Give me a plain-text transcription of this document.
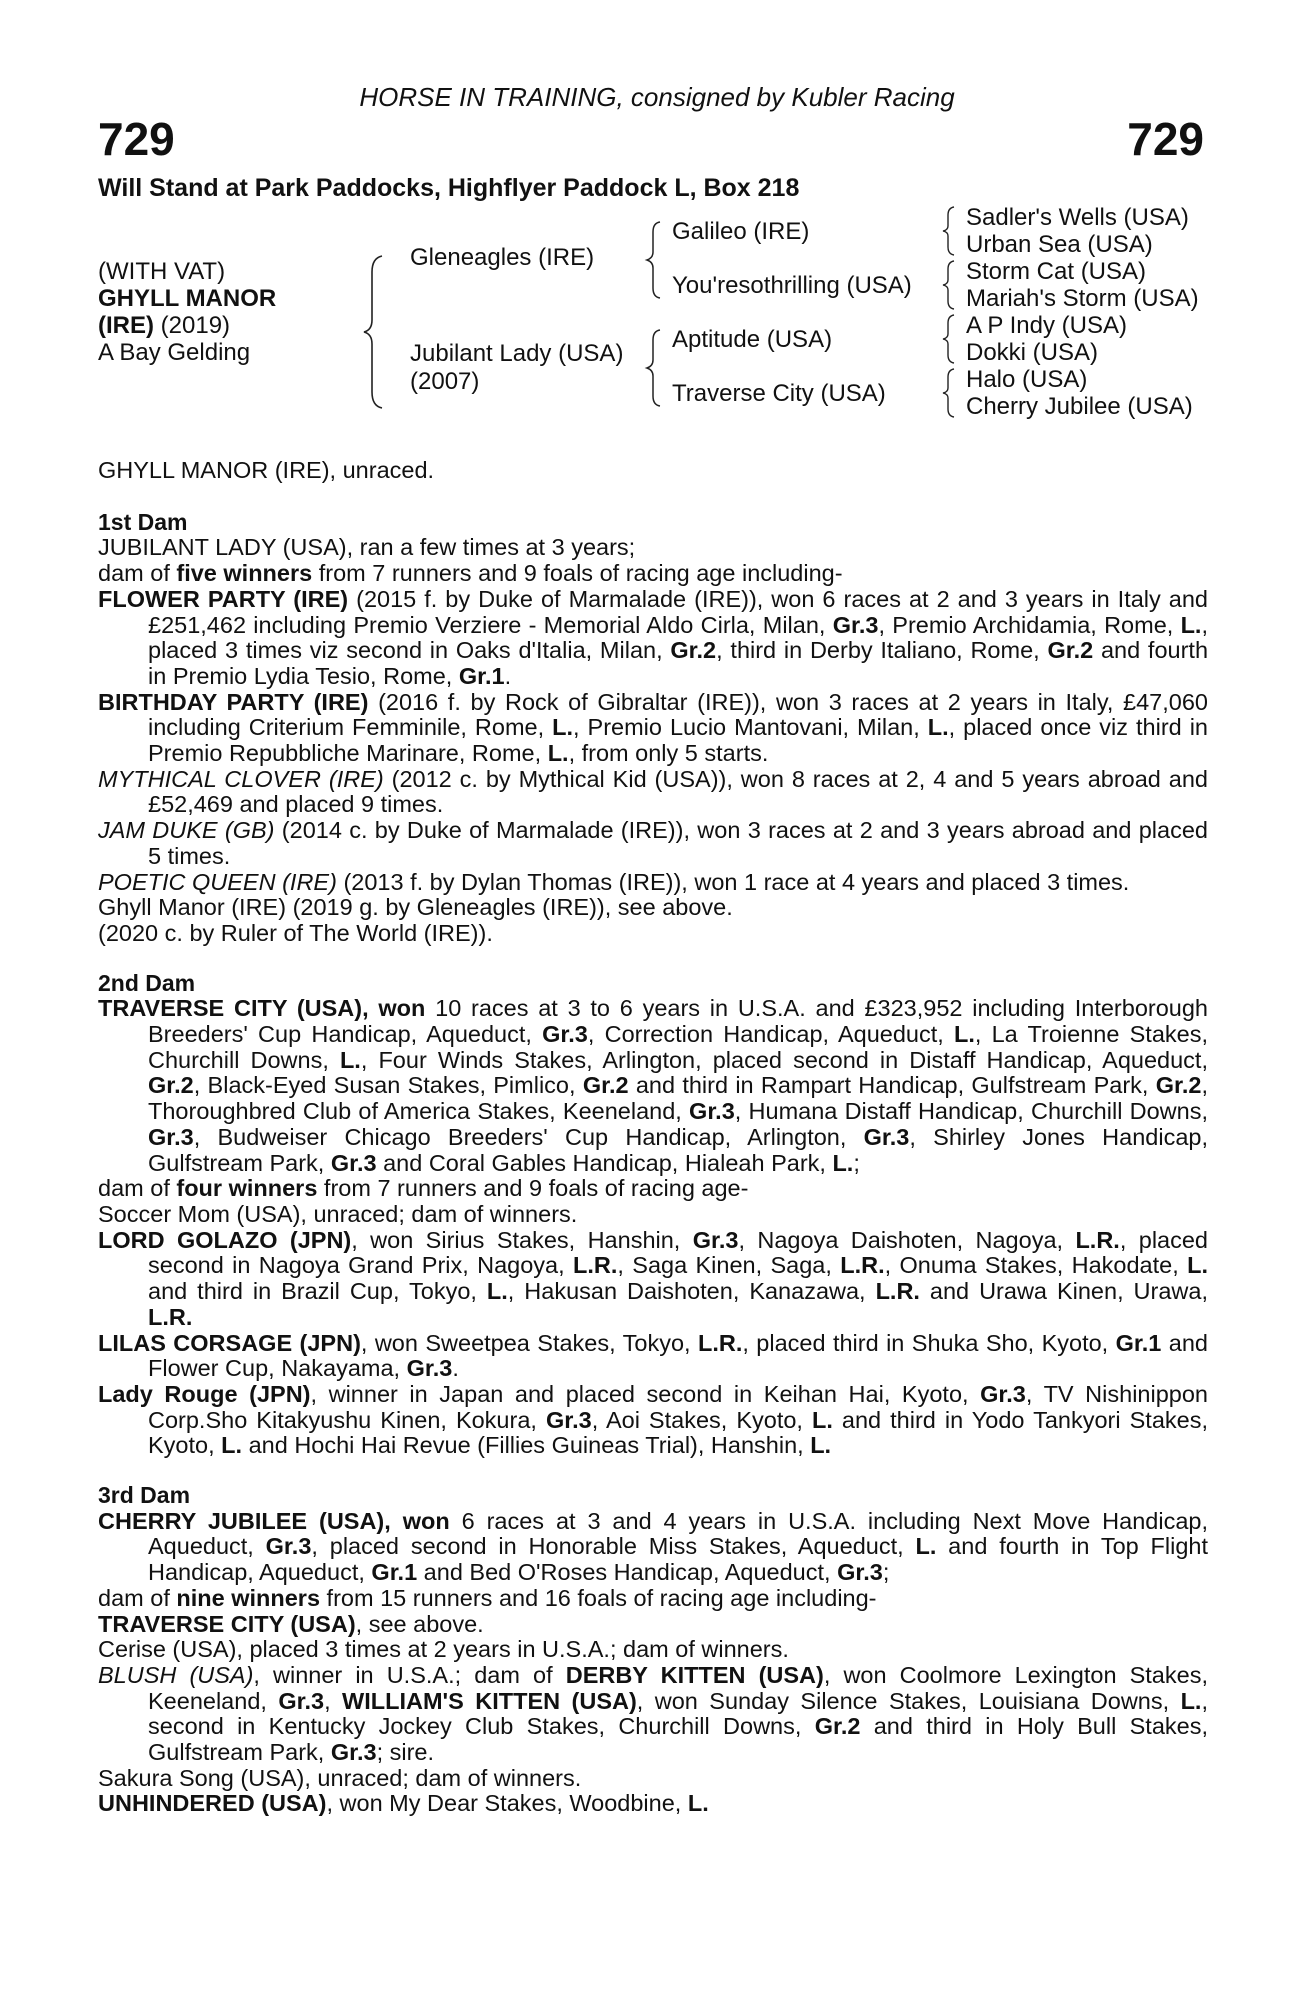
HORSE IN TRAINING, consigned by Kubler Racing
729	729
Will Stand at Park Paddocks, Highflyer Paddock L, Box 218
(WITH VAT)
GHYLL MANOR
(IRE) (2019)
A Bay Gelding
Gleneagles (IRE)
Jubilant Lady (USA)
(2007)
Galileo (IRE)
You'resothrilling (USA)
Aptitude (USA)
Traverse City (USA)
Sadler's Wells (USA)
Urban Sea (USA)
Storm Cat (USA)
Mariah's Storm (USA)
A P Indy (USA)
Dokki (USA)
Halo (USA)
Cherry Jubilee (USA)

GHYLL MANOR (IRE), unraced.

1st Dam

JUBILANT LADY (USA), ran a few times at 3 years;

dam of five winners from 7 runners and 9 foals of racing age including-

FLOWER PARTY (IRE) (2015 f. by Duke of Marmalade (IRE)), won 6 races at 2 and 3 years in Italy and £251,462 including Premio Verziere - Memorial Aldo Cirla, Milan, Gr.3, Premio Archidamia, Rome, L., placed 3 times viz second in Oaks d'Italia, Milan, Gr.2, third in Derby Italiano, Rome, Gr.2 and fourth in Premio Lydia Tesio, Rome, Gr.1.

BIRTHDAY PARTY (IRE) (2016 f. by Rock of Gibraltar (IRE)), won 3 races at 2 years in Italy, £47,060 including Criterium Femminile, Rome, L., Premio Lucio Mantovani, Milan, L., placed once viz third in Premio Repubbliche Marinare, Rome, L., from only 5 starts.

MYTHICAL CLOVER (IRE) (2012 c. by Mythical Kid (USA)), won 8 races at 2, 4 and 5 years abroad and £52,469 and placed 9 times.

JAM DUKE (GB) (2014 c. by Duke of Marmalade (IRE)), won 3 races at 2 and 3 years abroad and placed 5 times.

POETIC QUEEN (IRE) (2013 f. by Dylan Thomas (IRE)), won 1 race at 4 years and placed 3 times.

Ghyll Manor (IRE) (2019 g. by Gleneagles (IRE)), see above.

(2020 c. by Ruler of The World (IRE)).

2nd Dam

TRAVERSE CITY (USA), won 10 races at 3 to 6 years in U.S.A. and £323,952 including Interborough Breeders' Cup Handicap, Aqueduct, Gr.3, Correction Handicap, Aqueduct, L., La Troienne Stakes, Churchill Downs, L., Four Winds Stakes, Arlington, placed second in Distaff Handicap, Aqueduct, Gr.2, Black-Eyed Susan Stakes, Pimlico, Gr.2 and third in Rampart Handicap, Gulfstream Park, Gr.2, Thoroughbred Club of America Stakes, Keeneland, Gr.3, Humana Distaff Handicap, Churchill Downs, Gr.3, Budweiser Chicago Breeders' Cup Handicap, Arlington, Gr.3, Shirley Jones Handicap, Gulfstream Park, Gr.3 and Coral Gables Handicap, Hialeah Park, L.;

dam of four winners from 7 runners and 9 foals of racing age-

Soccer Mom (USA), unraced; dam of winners.

LORD GOLAZO (JPN), won Sirius Stakes, Hanshin, Gr.3, Nagoya Daishoten, Nagoya, L.R., placed second in Nagoya Grand Prix, Nagoya, L.R., Saga Kinen, Saga, L.R., Onuma Stakes, Hakodate, L. and third in Brazil Cup, Tokyo, L., Hakusan Daishoten, Kanazawa, L.R. and Urawa Kinen, Urawa, L.R.

LILAS CORSAGE (JPN), won Sweetpea Stakes, Tokyo, L.R., placed third in Shuka Sho, Kyoto, Gr.1 and Flower Cup, Nakayama, Gr.3.

Lady Rouge (JPN), winner in Japan and placed second in Keihan Hai, Kyoto, Gr.3, TV Nishinippon Corp.Sho Kitakyushu Kinen, Kokura, Gr.3, Aoi Stakes, Kyoto, L. and third in Yodo Tankyori Stakes, Kyoto, L. and Hochi Hai Revue (Fillies Guineas Trial), Hanshin, L.

3rd Dam

CHERRY JUBILEE (USA), won 6 races at 3 and 4 years in U.S.A. including Next Move Handicap, Aqueduct, Gr.3, placed second in Honorable Miss Stakes, Aqueduct, L. and fourth in Top Flight Handicap, Aqueduct, Gr.1 and Bed O'Roses Handicap, Aqueduct, Gr.3;

dam of nine winners from 15 runners and 16 foals of racing age including-

TRAVERSE CITY (USA), see above.

Cerise (USA), placed 3 times at 2 years in U.S.A.; dam of winners.

BLUSH (USA), winner in U.S.A.; dam of DERBY KITTEN (USA), won Coolmore Lexington Stakes, Keeneland, Gr.3, WILLIAM'S KITTEN (USA), won Sunday Silence Stakes, Louisiana Downs, L., second in Kentucky Jockey Club Stakes, Churchill Downs, Gr.2 and third in Holy Bull Stakes, Gulfstream Park, Gr.3; sire.

Sakura Song (USA), unraced; dam of winners.

UNHINDERED (USA), won My Dear Stakes, Woodbine, L.
